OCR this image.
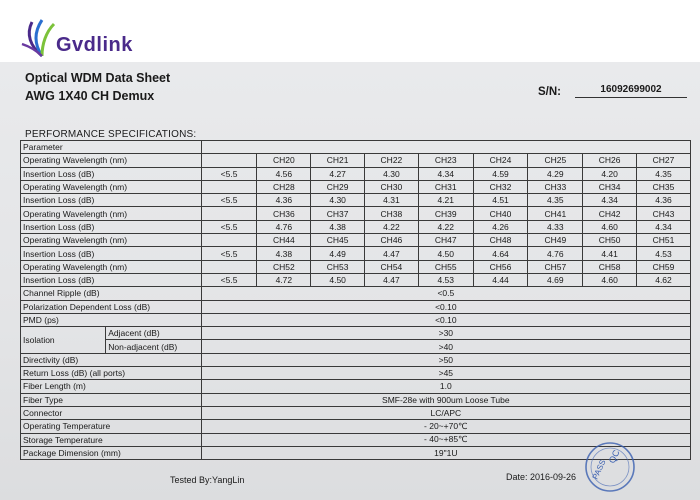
Gvdlink
Optical WDM Data Sheet
AWG 1X40 CH Demux	S/N:	16092699002
PERFORMANCE SPECIFICATIONS:
Parameter										
Operating Wavelength (nm)			CH20	CH21	CH22	CH23	CH24	CH25	CH26	CH27
Insertion Loss (dB)		<5.5	4.56	4.27	4.30	4.34	4.59	4.29	4.20	4.35
Operating Wavelength (nm)			CH28	CH29	CH30	CH31	CH32	CH33	CH34	CH35
Insertion Loss (dB)		<5.5	4.36	4.30	4.31	4.21	4.51	4.35	4.34	4.36
Operating Wavelength (nm)			CH36	CH37	CH38	CH39	CH40	CH41	CH42	CH43
Insertion Loss (dB)		<5.5	4.76	4.38	4.22	4.22	4.26	4.33	4.60	4.34
Operating Wavelength (nm)			CH44	CH45	CH46	CH47	CH48	CH49	CH50	CH51
Insertion Loss (dB)		<5.5	4.38	4.49	4.47	4.50	4.64	4.76	4.41	4.53
Operating Wavelength (nm)			CH52	CH53	CH54	CH55	CH56	CH57	CH58	CH59
Insertion Loss (dB)		<5.5	4.72	4.50	4.47	4.53	4.44	4.69	4.60	4.62
Channel Ripple (dB)		<0.5								
Polarization Dependent Loss (dB)		<0.10								
PMD (ps)		<0.10								
Isolation	Adjacent (dB)	>30								
	Non-adjacent (dB)	>40								
Directivity (dB)		>50								
Return Loss (dB) (all ports)		>45								
Fiber Length (m)		1.0								
Fiber Type		SMF-28e with 900um Loose Tube								
Connector		LC/APC								
Operating Temperature		- 20~+70℃								
Storage Temperature		- 40~+85℃								
Package Dimension (mm)		19"1U								
Tested By:YangLin	Date: 2016-09-26
QC
PASS
